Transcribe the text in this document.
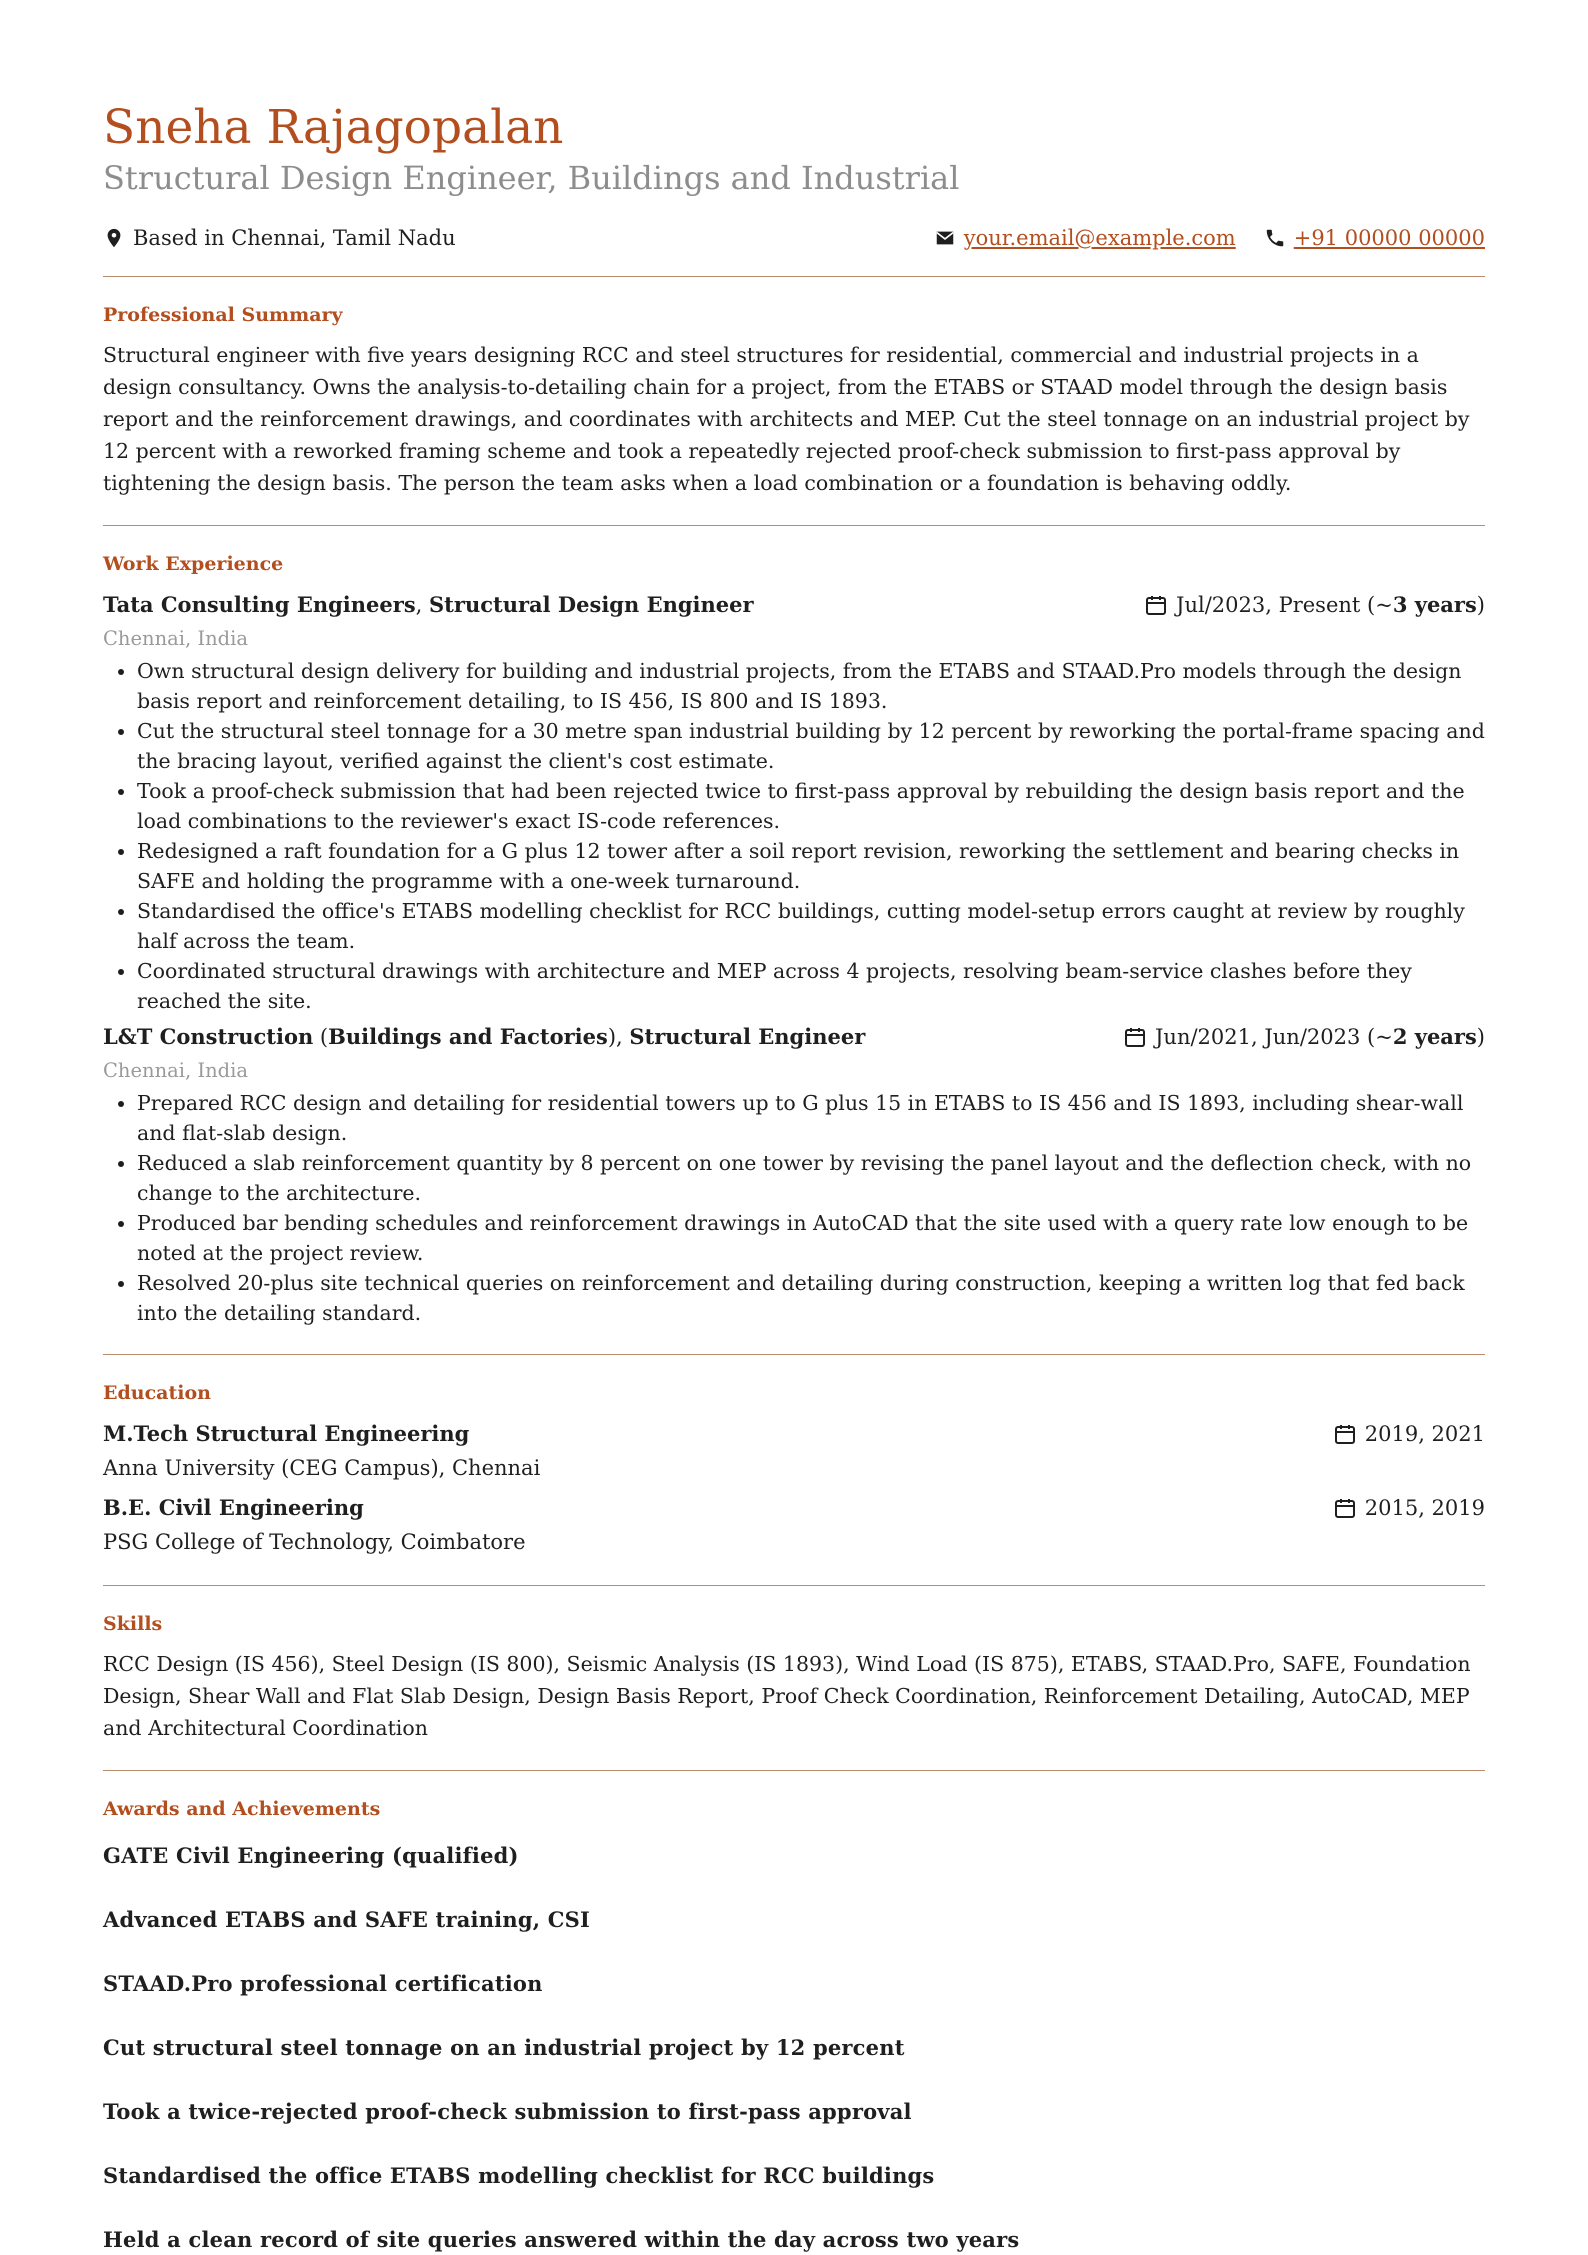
Sneha Rajagopalan
Structural Design Engineer, Buildings and Industrial
Based in Chennai, Tamil Nadu	your.email@example.com	+91 00000 00000
Professional Summary

Structural engineer with five years designing RCC and steel structures for residential, commercial and industrial projects in a design consultancy. Owns the analysis-to-detailing chain for a project, from the ETABS or STAAD model through the design basis report and the reinforcement drawings, and coordinates with architects and MEP. Cut the steel tonnage on an industrial project by 12 percent with a reworked framing scheme and took a repeatedly rejected proof-check submission to first-pass approval by tightening the design basis. The person the team asks when a load combination or a foundation is behaving oddly.

Work Experience
Tata Consulting Engineers, Structural Design Engineer	Jul/2023, Present (~ 3 years )
Chennai, India
• Own structural design delivery for building and industrial projects, from the ETABS and STAAD.Pro models through the design basis report and reinforcement detailing, to IS 456, IS 800 and IS 1893.
• Cut the structural steel tonnage for a 30 metre span industrial building by 12 percent by reworking the portal-frame spacing and the bracing layout, verified against the client's cost estimate.
• Took a proof-check submission that had been rejected twice to first-pass approval by rebuilding the design basis report and the load combinations to the reviewer's exact IS-code references.
• Redesigned a raft foundation for a G plus 12 tower after a soil report revision, reworking the settlement and bearing checks in SAFE and holding the programme with a one-week turnaround.
• Standardised the office's ETABS modelling checklist for RCC buildings, cutting model-setup errors caught at review by roughly half across the team.
• Coordinated structural drawings with architecture and MEP across 4 projects, resolving beam-service clashes before they reached the site.
L&T Construction (Buildings and Factories), Structural Engineer	Jun/2021, Jun/2023 (~ 2 years )
Chennai, India
• Prepared RCC design and detailing for residential towers up to G plus 15 in ETABS to IS 456 and IS 1893, including shear-wall and flat-slab design.
• Reduced a slab reinforcement quantity by 8 percent on one tower by revising the panel layout and the deflection check, with no change to the architecture.
• Produced bar bending schedules and reinforcement drawings in AutoCAD that the site used with a query rate low enough to be noted at the project review.
• Resolved 20-plus site technical queries on reinforcement and detailing during construction, keeping a written log that fed back into the detailing standard.
Education
M.Tech Structural Engineering	2019, 2021
Anna University (CEG Campus), Chennai
B.E. Civil Engineering	2015, 2019
PSG College of Technology, Coimbatore
Skills

RCC Design (IS 456), Steel Design (IS 800), Seismic Analysis (IS 1893), Wind Load (IS 875), ETABS, STAAD.Pro, SAFE, Foundation Design, Shear Wall and Flat Slab Design, Design Basis Report, Proof Check Coordination, Reinforcement Detailing, AutoCAD, MEP and Architectural Coordination

Awards and Achievements

GATE Civil Engineering (qualified)

Advanced ETABS and SAFE training, CSI

STAAD.Pro professional certification

Cut structural steel tonnage on an industrial project by 12 percent

Took a twice-rejected proof-check submission to first-pass approval

Standardised the office ETABS modelling checklist for RCC buildings

Held a clean record of site queries answered within the day across two years
